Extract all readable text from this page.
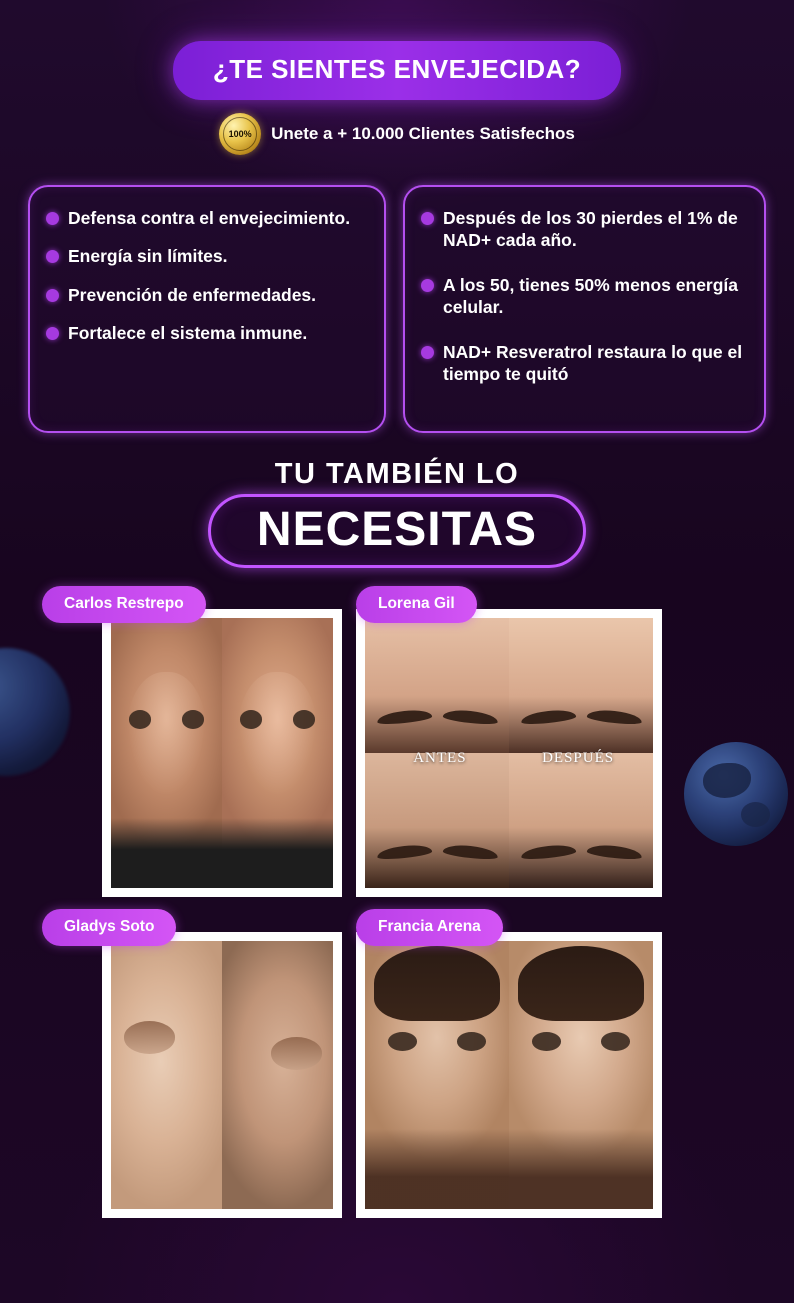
¿TE SIENTES ENVEJECIDA?
100% Unete a + 10.000 Clientes Satisfechos
Defensa contra el envejecimiento.
Energía sin límites.
Prevención de enfermedades.
Fortalece el sistema inmune.
Después de los 30 pierdes el 1% de NAD+ cada año.
A los 50, tienes 50% menos energía celular.
NAD+ Resveratrol restaura lo que el tiempo te quitó
TU TAMBIÉN LO
NECESITAS
Carlos Restrepo	Lorena Gil
ANTES	DESPUÉS
Gladys Soto	Francia Arena
